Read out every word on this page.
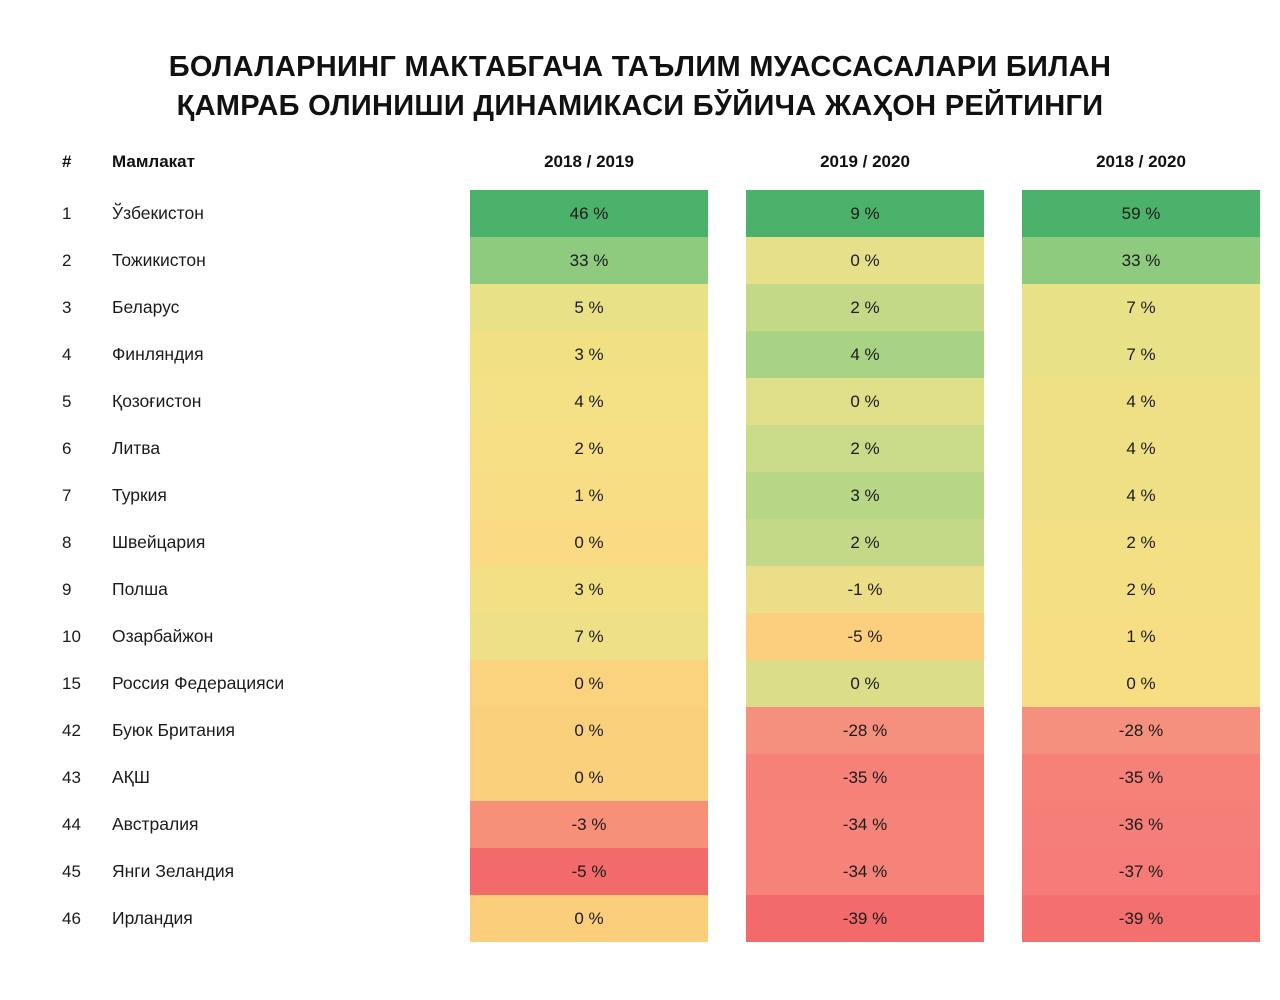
БОЛАЛАРНИНГ МАКТАБГАЧА ТАЪЛИМ МУАССАСАЛАРИ БИЛАН
ҚАМРАБ ОЛИНИШИ ДИНАМИКАСИ БЎЙИЧА ЖАҲОН РЕЙТИНГИ
#	Мамлакат		2018 / 2019		2019 / 2020		2018 / 2020
1	Ўзбекистон		46 %		9 %		59 %
2	Тожикистон		33 %		0 %		33 %
3	Беларус		5 %		2 %		7 %
4	Финляндия		3 %		4 %		7 %
5	Қозоғистон		4 %		0 %		4 %
6	Литва		2 %		2 %		4 %
7	Туркия		1 %		3 %		4 %
8	Швейцария		0 %		2 %		2 %
9	Полша		3 %		-1 %		2 %
10	Озарбайжон		7 %		-5 %		1 %
15	Россия Федерацияси		0 %		0 %		0 %
42	Буюк Британия		0 %		-28 %		-28 %
43	АҚШ		0 %		-35 %		-35 %
44	Австралия		-3 %		-34 %		-36 %
45	Янги Зеландия		-5 %		-34 %		-37 %
46	Ирландия		0 %		-39 %		-39 %
